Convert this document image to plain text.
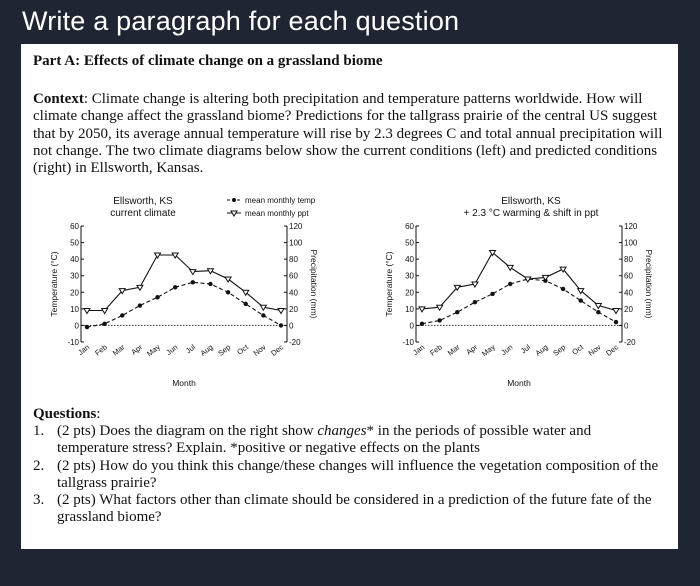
Write a paragraph for each question
Part A: Effects of climate change on a grassland biome
Context: Climate change is altering both precipitation and temperature patterns worldwide. How will climate change affect the grassland biome? Predictions for the tallgrass prairie of the central US suggest that by 2050, its average annual temperature will rise by 2.3 degrees C and total annual precipitation will not change. The two climate diagrams below show the current conditions (left) and predicted conditions (right) in Ellsworth, Kansas.
Ellsworth, KS
current climate
-10
0
10
20
30
40
50
60
-20
0
20
40
60
80
100
120
Temperature (°C)	Precipitation (mm)
Jan Feb Mar Apr May Jun Jul Aug Sep Oct Nov Dec
Month
mean monthly temp
mean monthly ppt
Ellsworth, KS
+ 2.3 °C warming & shift in ppt
-10
0
10
20
30
40
50
60
-20
0
20
40
60
80
100
120
Temperature (°C)	Precipitation (mm)
Jan Feb Mar Apr May Jun Jul Aug Sep Oct Nov Dec
Month
Questions:
1. (2 pts) Does the diagram on the right show changes* in the periods of possible water and temperature stress? Explain. *positive or negative effects on the plants
2. (2 pts) How do you think this change/these changes will influence the vegetation composition of the tallgrass prairie?
3. (2 pts) What factors other than climate should be considered in a prediction of the future fate of the grassland biome?
